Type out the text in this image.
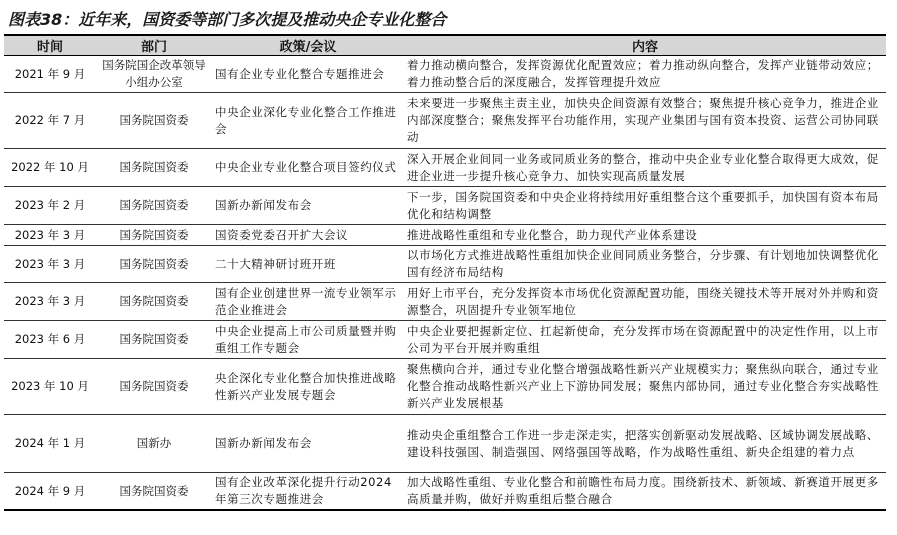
图表38：近年来，国资委等部门多次提及推动央企专业化整合
时间	部门	政策/会议	内容
2021 年 9 月	国务院国企改革领导小组办公室	国有企业专业化整合专题推进会	着力推动横向整合，发挥资源优化配置效应；着力推动纵向整合，发挥产业链带动效应；着力推动整合后的深度融合，发挥管理提升效应
2022 年 7 月	国务院国资委	中央企业深化专业化整合工作推进会	未来要进一步聚焦主责主业，加快央企间资源有效整合；聚焦提升核心竞争力，推进企业内部深度整合；聚焦发挥平台功能作用，实现产业集团与国有资本投资、运营公司协同联动
2022 年 10 月	国务院国资委	中央企业专业化整合项目签约仪式	深入开展企业间同一业务或同质业务的整合，推动中央企业专业化整合取得更大成效，促进企业进一步提升核心竞争力、加快实现高质量发展
2023 年 2 月	国务院国资委	国新办新闻发布会	下一步，国务院国资委和中央企业将持续用好重组整合这个重要抓手，加快国有资本布局优化和结构调整
2023 年 3 月	国务院国资委	国资委党委召开扩大会议	推进战略性重组和专业化整合，助力现代产业体系建设
2023 年 3 月	国务院国资委	二十大精神研讨班开班	以市场化方式推进战略性重组加快企业间同质业务整合，分步骤、有计划地加快调整优化国有经济布局结构
2023 年 3 月	国务院国资委	国有企业创建世界一流专业领军示范企业推进会	用好上市平台，充分发挥资本市场优化资源配置功能，围绕关键技术等开展对外并购和资源整合，巩固提升专业领军地位
2023 年 6 月	国务院国资委	中央企业提高上市公司质量暨并购重组工作专题会	中央企业要把握新定位、扛起新使命，充分发挥市场在资源配置中的决定性作用，以上市公司为平台开展并购重组
2023 年 10 月	国务院国资委	央企深化专业化整合加快推进战略性新兴产业发展专题会	聚焦横向合并，通过专业化整合增强战略性新兴产业规模实力；聚焦纵向联合，通过专业化整合推动战略性新兴产业上下游协同发展；聚焦内部协同，通过专业化整合夯实战略性新兴产业发展根基
2024 年 1 月	国新办	国新办新闻发布会	推动央企重组整合工作进一步走深走实，把落实创新驱动发展战略、区域协调发展战略、建设科技强国、制造强国、网络强国等战略，作为战略性重组、新央企组建的着力点
2024 年 9 月	国务院国资委	国有企业改革深化提升行动2024 年第三次专题推进会	加大战略性重组、专业化整合和前瞻性布局力度。围绕新技术、新领域、新赛道开展更多高质量并购，做好并购重组后整合融合
